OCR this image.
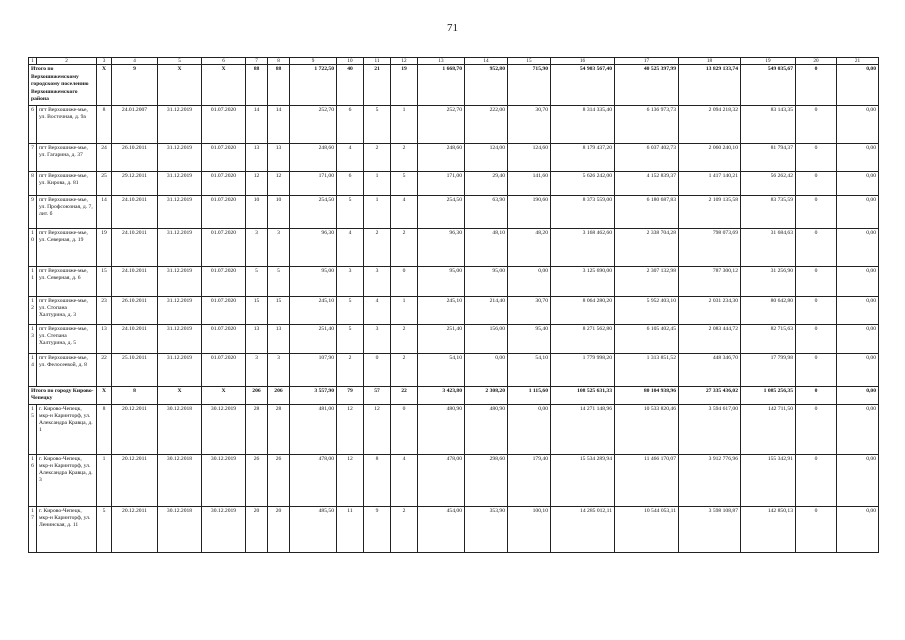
71
1	2	3	4	5	6	7	8	9	10	11	12	13	14	15	16	17	18	19	20	21
Итого по Верхошижемскому городскому поселению Верхошижемского района		X	9	X	X	88	88	1 722,50	40	21	19	1 668,70	952,80	715,90	54 903 567,40	40 525 397,99	13 829 133,74	549 035,67	0	0,00
6	пгт Верхошиже-мье, ул. Восточная, д. 9а	8	24.01.2007	31.12.2019	01.07.2020	14	14	252,70	6	5	1	252,70	222,00	30,70	8 314 335,40	6 136 973,73	2 094 218,32	83 143,35	0	0,00
7	пгт Верхошиже-мье, ул. Гагарина, д. 37	24	26.10.2011	31.12.2019	01.07.2020	13	13	248,60	4	2	2	248,60	124,00	124,60	8 179 437,20	6 037 402,73	2 060 240,10	81 794,37	0	0,00
8	пгт Верхошиже-мье, ул. Кирова, д. 81	25	29.12.2011	31.12.2019	01.07.2020	12	12	171,00	6	1	5	171,00	29,40	141,60	5 626 242,00	4 152 839,37	1 417 140,21	56 262,42	0	0,00
9	пгт Верхошиже-мье, ул. Профсоюзная, д. 7, лит. б	14	24.10.2011	31.12.2019	01.07.2020	10	10	254,50	5	1	4	254,50	63,90	190,60	8 373 559,00	6 180 687,83	2 109 135,58	83 735,59	0	0,00
10	пгт Верхошиже-мье, ул. Северная, д. 19	19	24.10.2011	31.12.2019	01.07.2020	3	3	96,30	4	2	2	96,30	48,10	48,20	3 168 462,60	2 338 704,28	798 073,69	31 684,63	0	0,00
11	пгт Верхошиже-мье, ул. Северная, д. 6	15	24.10.2011	31.12.2019	01.07.2020	5	5	95,00	3	3	0	95,00	95,00	0,00	3 125 690,00	2 307 132,98	787 300,12	31 256,90	0	0,00
12	пгт Верхошиже-мье, ул. Стопана Халтурина, д. 3	23	26.10.2011	31.12.2019	01.07.2020	15	15	245,10	5	4	1	245,10	214,40	30,70	8 064 280,20	5 952 403,10	2 031 234,30	80 642,80	0	0,00
13	пгт Верхошиже-мье, ул. Степана Халтурина, д. 5	13	24.10.2011	31.12.2019	01.07.2020	13	13	251,40	5	3	2	251,40	156,00	95,40	8 271 562,80	6 105 402,45	2 083 444,72	82 715,63	0	0,00
14	пгт Верхошиже-мье, ул. Фелосеевой, д. 8	22	25.10.2011	31.12.2019	01.07.2020	3	3	107,90	2	0	2	54,10	0,00	54,10	1 779 998,20	1 313 851,52	448 346,70	17 799,98	0	0,00
Итого по городу Кирово-Чепецку		X	8	X	X	206	206	3 557,90	79	57	22	3 423,80	2 308,20	1 115,60	108 525 631,33	80 104 938,96	27 335 436,02	1 085 256,35	0	0,00
15	г. Кирово-Чепецк, мкр-н Каринторф, ул. Александра Кравца, д. 1	8	20.12.2011	30.12.2018	30.12.2019	28	28	481,00	12	12	0	480,90	480,90	0,00	14 271 148,96	10 533 820,46	3 594 617,00	142 711,50	0	0,00
16	г. Кирово-Чепецк, мкр-н Каринторф, ул. Александра Кравца, д. 3	1	20.12.2011	30.12.2018	30.12.2019	26	26	478,00	12	8	4	478,00	298,60	179,40	15 534 289,94	11 466 170,07	3 912 776,96	155 342,91	0	0,00
17	г. Кирово-Чепецк, мкр-н Каринторф, ул. Ленинская, д. 11	5	20.12.2011	30.12.2018	30.12.2019	20	20	485,50	11	9	2	454,00	353,90	100,10	14 285 012,11	10 544 053,11	3 598 108,87	142 850,13	0	0,00
